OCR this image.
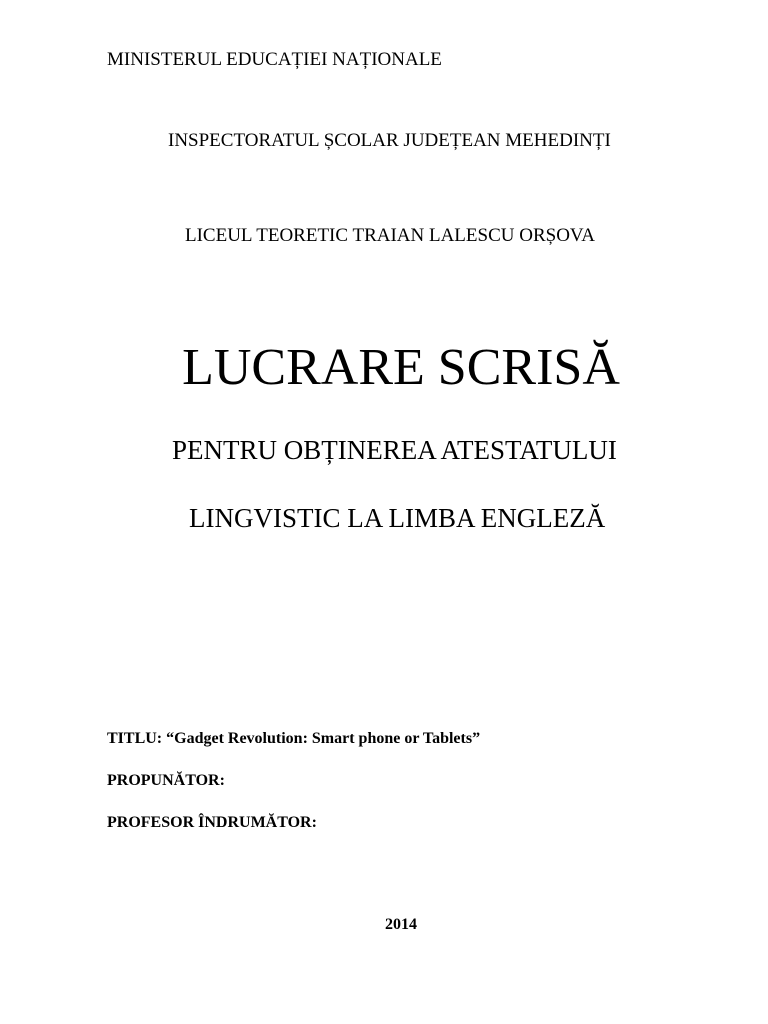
MINISTERUL EDUCAȚIEI NAȚIONALE

INSPECTORATUL ȘCOLAR JUDEȚEAN MEHEDINȚI

LICEUL TEORETIC TRAIAN LALESCU ORȘOVA

LUCRARE SCRISĂ

PENTRU OBȚINEREA ATESTATULUI

LINGVISTIC LA LIMBA ENGLEZĂ

TITLU: “Gadget Revolution: Smart phone or Tablets”

PROPUNĂTOR:

PROFESOR ÎNDRUMĂTOR:

2014
